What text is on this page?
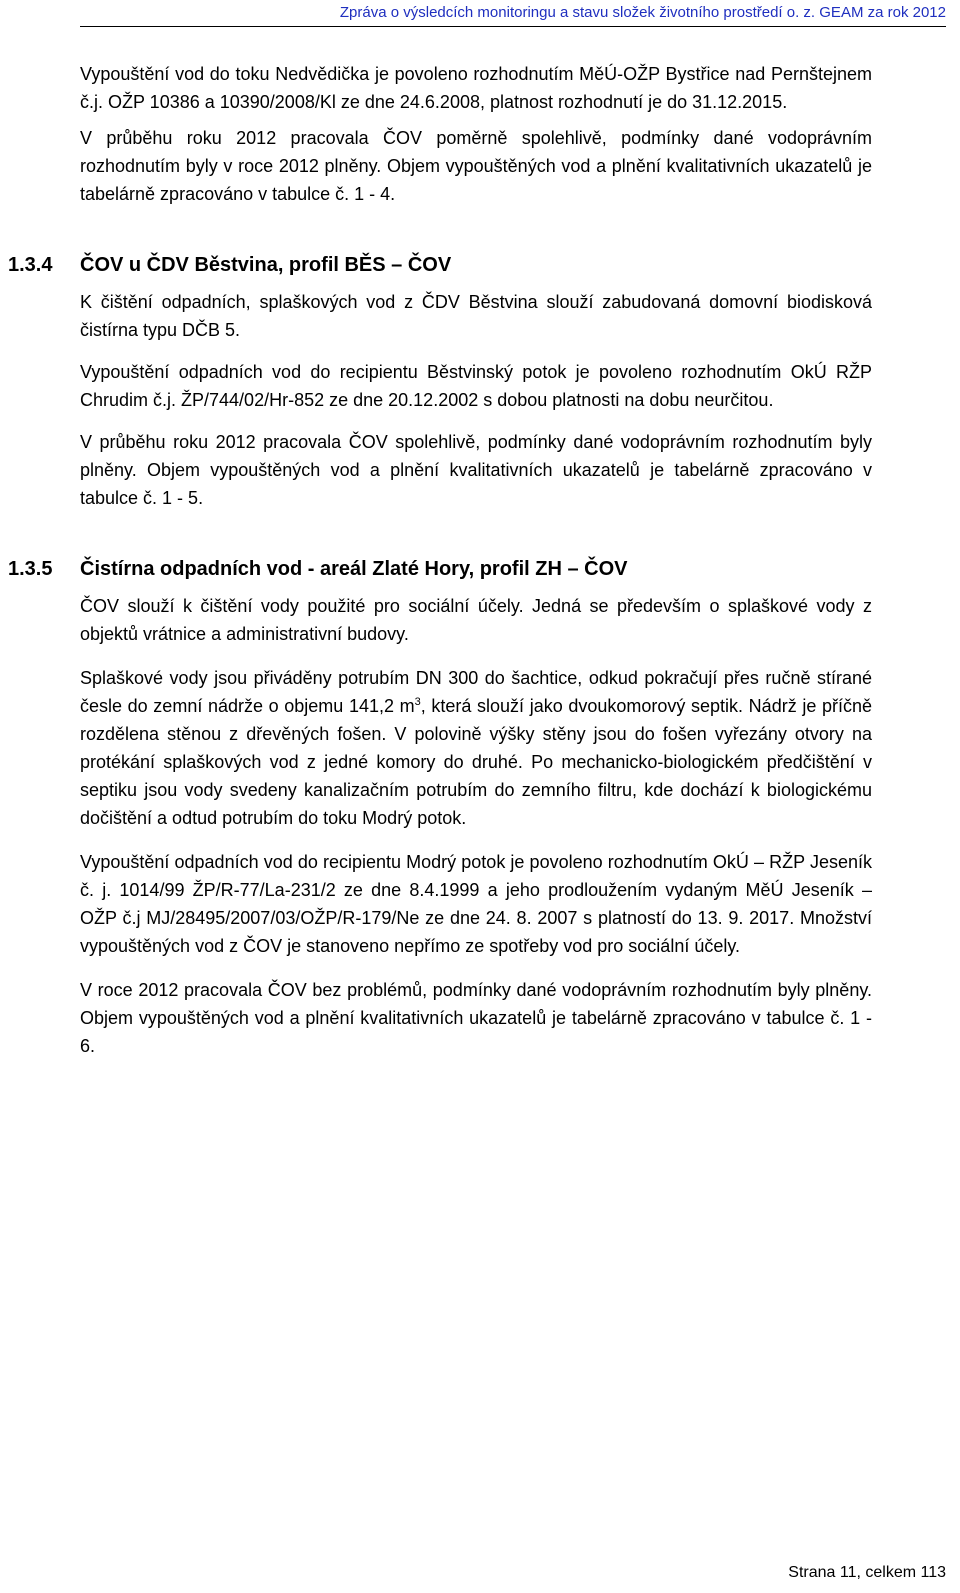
Zpráva o výsledcích monitoringu a stavu složek životního prostředí o. z. GEAM za rok 2012

Vypouštění vod do toku Nedvědička je povoleno rozhodnutím MěÚ-OŽP Bystřice nad Pernštejnem č.j. OŽP 10386 a 10390/2008/Kl ze dne 24.6.2008, platnost rozhodnutí je do 31.12.2015.

V průběhu roku 2012 pracovala ČOV poměrně spolehlivě, podmínky dané vodoprávním rozhodnutím byly v roce 2012 plněny. Objem vypouštěných vod a plnění kvalitativních ukazatelů je tabelárně zpracováno v tabulce č. 1 - 4.

1.3.4 ČOV u ČDV Běstvina, profil BĚS – ČOV

K čištění odpadních, splaškových vod z ČDV Běstvina slouží zabudovaná domovní biodisková čistírna typu DČB 5.

Vypouštění odpadních vod do recipientu Běstvinský potok je povoleno rozhodnutím OkÚ RŽP Chrudim č.j. ŽP/744/02/Hr-852 ze dne 20.12.2002 s dobou platnosti na dobu neurčitou.

V průběhu roku 2012 pracovala ČOV spolehlivě, podmínky dané vodoprávním rozhodnutím byly plněny. Objem vypouštěných vod a plnění kvalitativních ukazatelů je tabelárně zpracováno v tabulce č. 1 - 5.

1.3.5 Čistírna odpadních vod - areál Zlaté Hory, profil ZH – ČOV

ČOV slouží k čištění vody použité pro sociální účely. Jedná se především o splaškové vody z objektů vrátnice a administrativní budovy.

Splaškové vody jsou přiváděny potrubím DN 300 do šachtice, odkud pokračují přes ručně stírané česle do zemní nádrže o objemu 141,2 $m^3$, která slouží jako dvoukomorový septik. Nádrž je příčně rozdělena stěnou z dřevěných fošen. V polovině výšky stěny jsou do fošen vyřezány otvory na protékání splaškových vod z jedné komory do druhé. Po mechanicko-biologickém předčištění v septiku jsou vody svedeny kanalizačním potrubím do zemního filtru, kde dochází k biologickému dočištění a odtud potrubím do toku Modrý potok.

Vypouštění odpadních vod do recipientu Modrý potok je povoleno rozhodnutím OkÚ – RŽP Jeseník č. j. 1014/99 ŽP/R-77/La-231/2 ze dne 8.4.1999 a jeho prodloužením vydaným MěÚ Jeseník – OŽP č.j MJ/28495/2007/03/OŽP/R-179/Ne ze dne 24. 8. 2007 s platností do 13. 9. 2017. Množství vypouštěných vod z ČOV je stanoveno nepřímo ze spotřeby vod pro sociální účely.

V roce 2012 pracovala ČOV bez problémů, podmínky dané vodoprávním rozhodnutím byly plněny. Objem vypouštěných vod a plnění kvalitativních ukazatelů je tabelárně zpracováno v tabulce č. 1 - 6.

Strana 11, celkem 113
